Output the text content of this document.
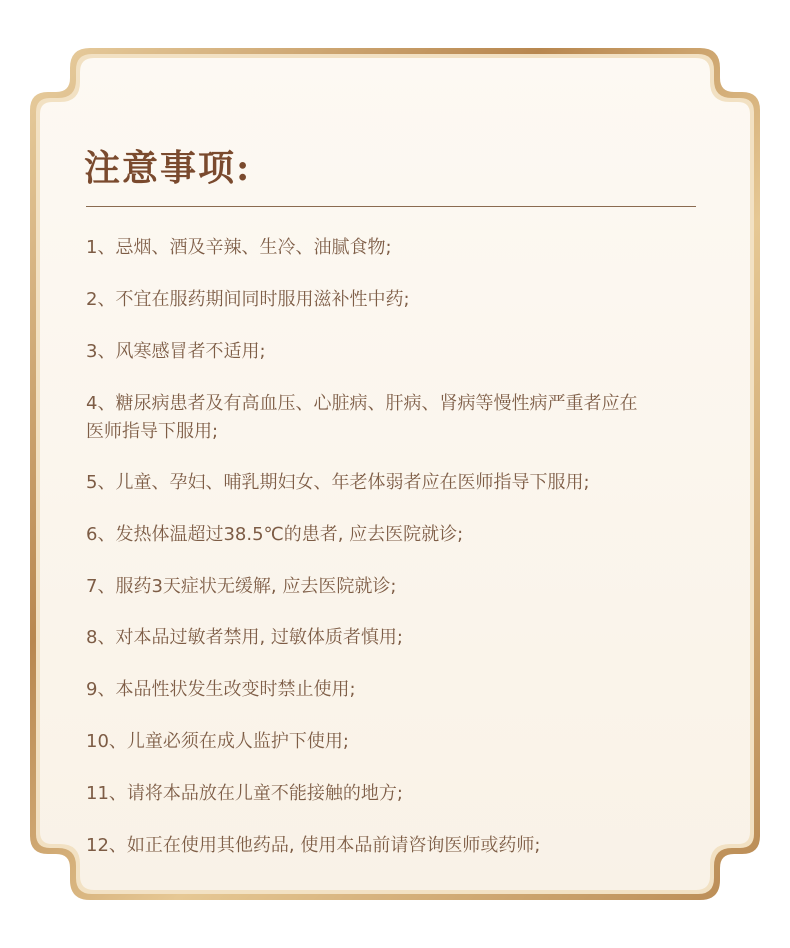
注意事项:
1、忌烟、酒及辛辣、生冷、油腻食物;
2、不宜在服药期间同时服用滋补性中药;
3、风寒感冒者不适用;
4、糖尿病患者及有高血压、心脏病、肝病、肾病等慢性病严重者应在
医师指导下服用;
5、儿童、孕妇、哺乳期妇女、年老体弱者应在医师指导下服用;
6、发热体温超过38.5℃的患者, 应去医院就诊;
7、服药3天症状无缓解, 应去医院就诊;
8、对本品过敏者禁用, 过敏体质者慎用;
9、本品性状发生改变时禁止使用;
10、儿童必须在成人监护下使用;
11、请将本品放在儿童不能接触的地方;
12、如正在使用其他药品, 使用本品前请咨询医师或药师;
